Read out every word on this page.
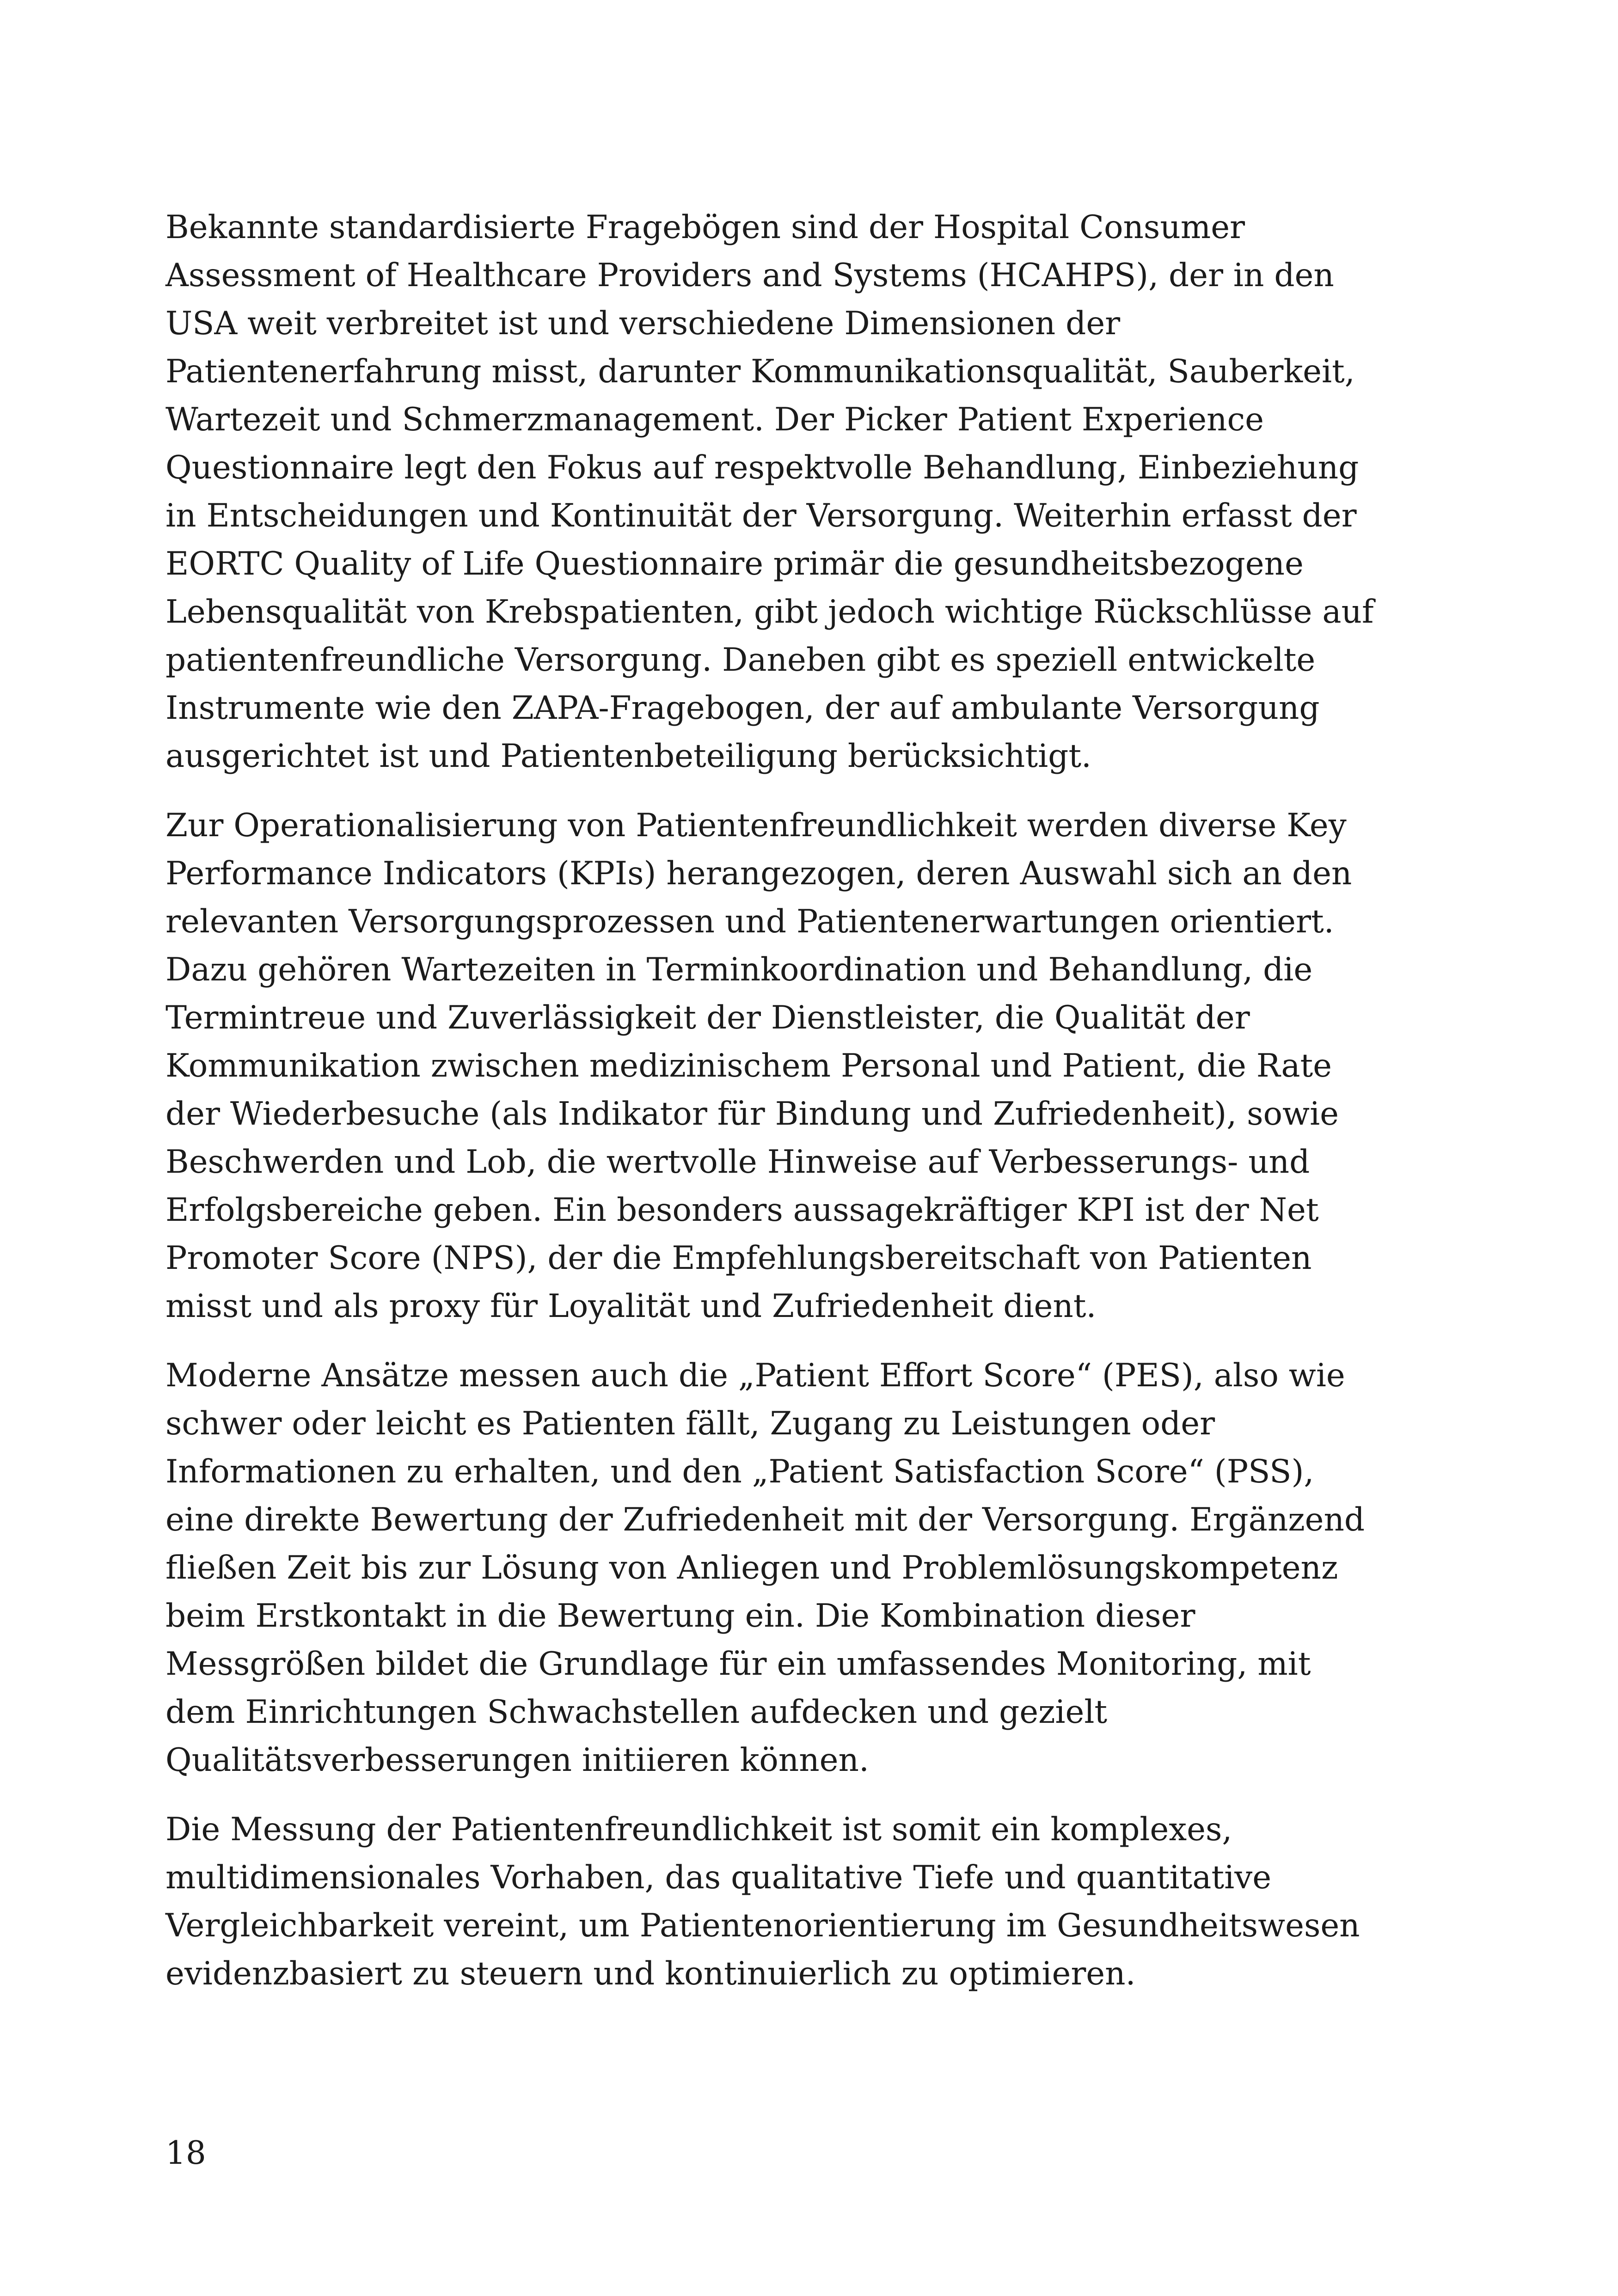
Bekannte standardisierte Fragebögen sind der Hospital Consumer
Assessment of Healthcare Providers and Systems (HCAHPS), der in den
USA weit verbreitet ist und verschiedene Dimensionen der
Patientenerfahrung misst, darunter Kommunikationsqualität, Sauberkeit,
Wartezeit und Schmerzmanagement. Der Picker Patient Experience
Questionnaire legt den Fokus auf respektvolle Behandlung, Einbeziehung
in Entscheidungen und Kontinuität der Versorgung. Weiterhin erfasst der
EORTC Quality of Life Questionnaire primär die gesundheitsbezogene
Lebensqualität von Krebspatienten, gibt jedoch wichtige Rückschlüsse auf
patientenfreundliche Versorgung. Daneben gibt es speziell entwickelte
Instrumente wie den ZAPA-Fragebogen, der auf ambulante Versorgung
ausgerichtet ist und Patientenbeteiligung berücksichtigt.

Zur Operationalisierung von Patientenfreundlichkeit werden diverse Key
Performance Indicators (KPIs) herangezogen, deren Auswahl sich an den
relevanten Versorgungsprozessen und Patientenerwartungen orientiert.
Dazu gehören Wartezeiten in Terminkoordination und Behandlung, die
Termintreue und Zuverlässigkeit der Dienstleister, die Qualität der
Kommunikation zwischen medizinischem Personal und Patient, die Rate
der Wiederbesuche (als Indikator für Bindung und Zufriedenheit), sowie
Beschwerden und Lob, die wertvolle Hinweise auf Verbesserungs- und
Erfolgsbereiche geben. Ein besonders aussagekräftiger KPI ist der Net
Promoter Score (NPS), der die Empfehlungsbereitschaft von Patienten
misst und als proxy für Loyalität und Zufriedenheit dient.

Moderne Ansätze messen auch die „Patient Effort Score“ (PES), also wie
schwer oder leicht es Patienten fällt, Zugang zu Leistungen oder
Informationen zu erhalten, und den „Patient Satisfaction Score“ (PSS),
eine direkte Bewertung der Zufriedenheit mit der Versorgung. Ergänzend
fließen Zeit bis zur Lösung von Anliegen und Problemlösungskompetenz
beim Erstkontakt in die Bewertung ein. Die Kombination dieser
Messgrößen bildet die Grundlage für ein umfassendes Monitoring, mit
dem Einrichtungen Schwachstellen aufdecken und gezielt
Qualitätsverbesserungen initiieren können.

Die Messung der Patientenfreundlichkeit ist somit ein komplexes,
multidimensionales Vorhaben, das qualitative Tiefe und quantitative
Vergleichbarkeit vereint, um Patientenorientierung im Gesundheitswesen
evidenzbasiert zu steuern und kontinuierlich zu optimieren.

18
